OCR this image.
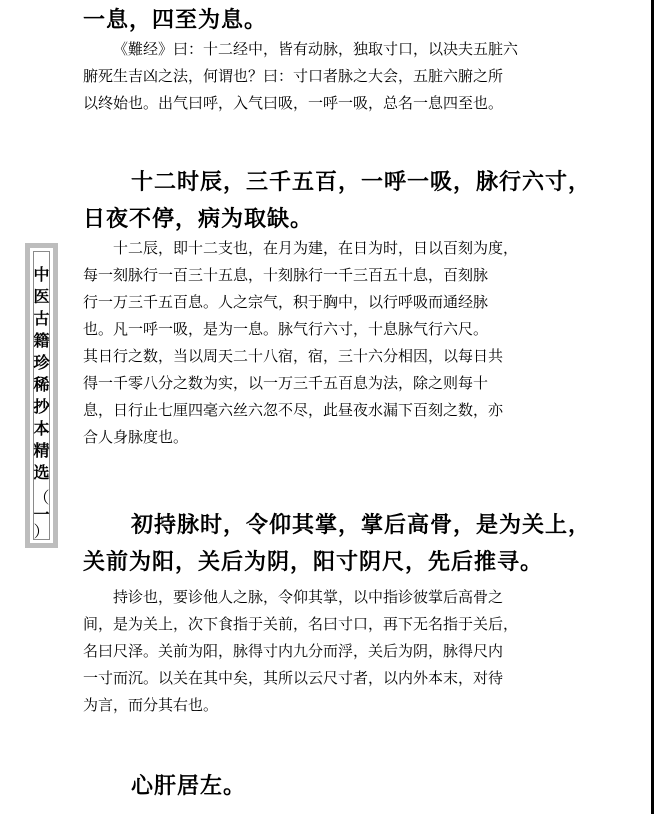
中
医
古
籍
珍
稀
抄
本
精
选
（
一
）
一息，四至为息。
《難经》曰：十二经中，皆有动脉，独取寸口，以决夫五脏六
腑死生吉凶之法，何谓也？曰：寸口者脉之大会，五脏六腑之所
以终始也。出气曰呼，入气曰吸，一呼一吸，总名一息四至也。
十二时辰，三千五百，一呼一吸，脉行六寸，
日夜不停，病为取缺。
十二辰，即十二支也，在月为建，在日为时，日以百刻为度，
每一刻脉行一百三十五息，十刻脉行一千三百五十息，百刻脉
行一万三千五百息。人之宗气，积于胸中，以行呼吸而通经脉
也。凡一呼一吸，是为一息。脉气行六寸，十息脉气行六尺。
其日行之数，当以周天二十八宿，宿，三十六分相因，以每日共
得一千零八分之数为实，以一万三千五百息为法，除之则每十
息，日行止七厘四毫六丝六忽不尽，此昼夜水漏下百刻之数，亦
合人身脉度也。
初持脉时，令仰其掌，掌后高骨，是为关上，
关前为阳，关后为阴，阳寸阴尺，先后推寻。
持诊也，要诊他人之脉，令仰其掌，以中指诊彼掌后高骨之
间，是为关上，次下食指于关前，名曰寸口，再下无名指于关后，
名曰尺泽。关前为阳，脉得寸内九分而浮，关后为阴，脉得尺内
一寸而沉。以关在其中矣，其所以云尺寸者，以内外本末，对待
为言，而分其右也。
心肝居左。
